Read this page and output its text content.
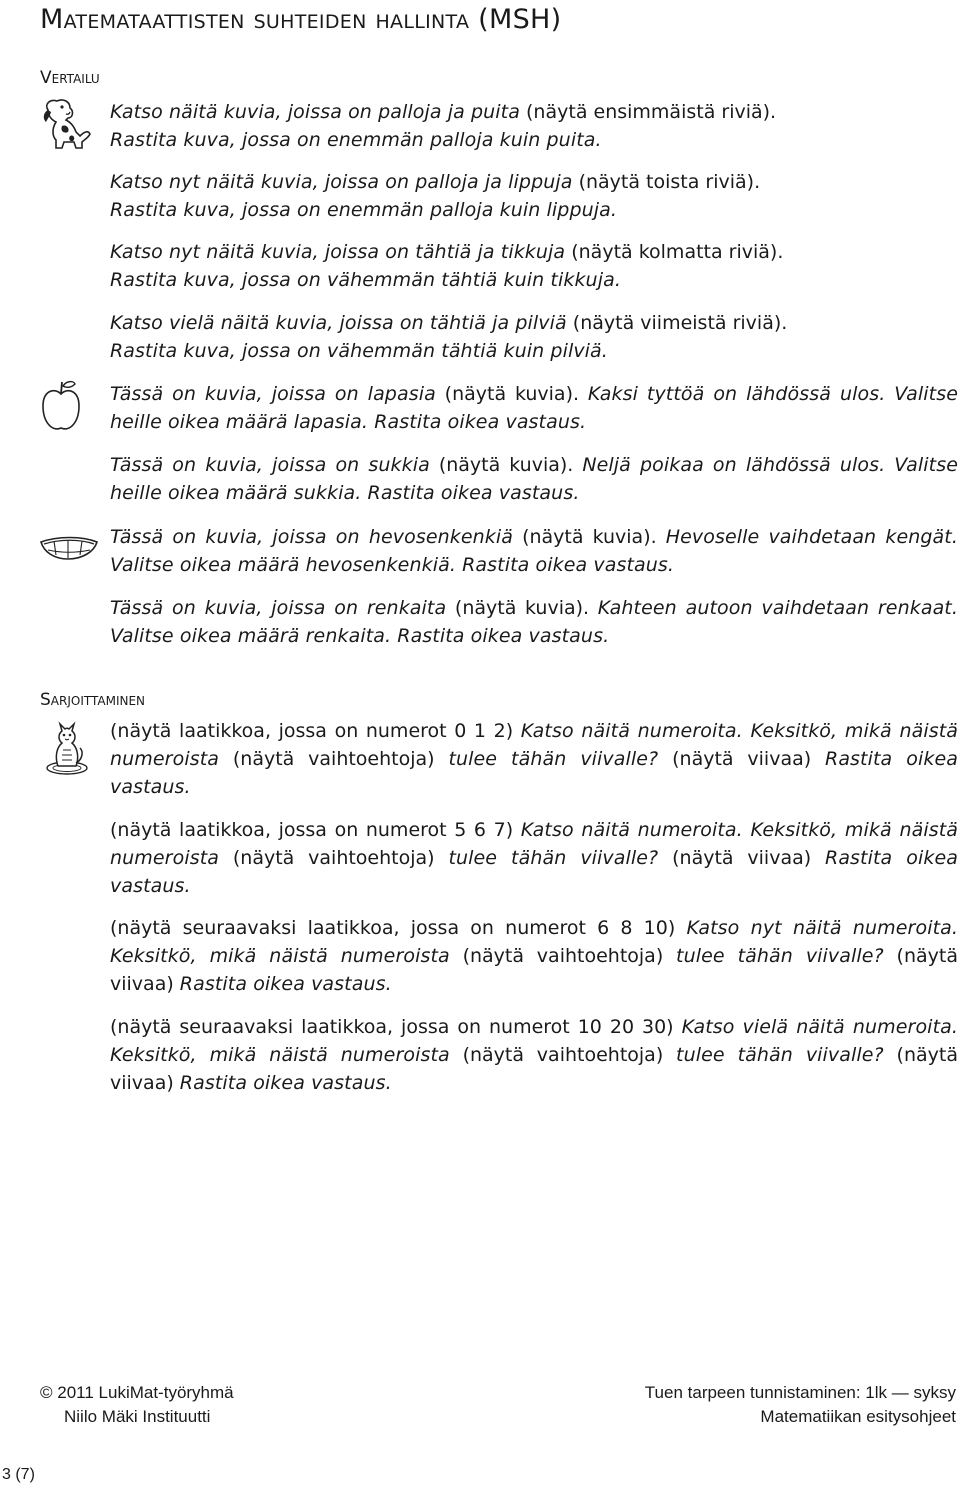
Matemataattisten suhteiden hallinta (MSH)
Vertailu

Katso näitä kuvia, joissa on palloja ja puita (näytä ensimmäistä riviä).
Rastita kuva, jossa on enemmän palloja kuin puita.

Katso nyt näitä kuvia, joissa on palloja ja lippuja (näytä toista riviä).
Rastita kuva, jossa on enemmän palloja kuin lippuja.

Katso nyt näitä kuvia, joissa on tähtiä ja tikkuja (näytä kolmatta riviä).
Rastita kuva, jossa on vähemmän tähtiä kuin tikkuja.

Katso vielä näitä kuvia, joissa on tähtiä ja pilviä (näytä viimeistä riviä).
Rastita kuva, jossa on vähemmän tähtiä kuin pilviä.

Tässä on kuvia, joissa on lapasia (näytä kuvia). Kaksi tyttöä on lähdössä ulos. Valitse heille oikea määrä lapasia. Rastita oikea vastaus.

Tässä on kuvia, joissa on sukkia (näytä kuvia). Neljä poikaa on lähdössä ulos. Valitse heille oikea määrä sukkia. Rastita oikea vastaus.

Tässä on kuvia, joissa on hevosenkenkiä (näytä kuvia). Hevoselle vaihdetaan kengät. Valitse oikea määrä hevosenkenkiä. Rastita oikea vastaus.

Tässä on kuvia, joissa on renkaita (näytä kuvia). Kahteen autoon vaihdetaan renkaat. Valitse oikea määrä renkaita. Rastita oikea vastaus.

Sarjoittaminen

(näytä laatikkoa, jossa on numerot 0 1 2) Katso näitä numeroita. Keksitkö, mikä näistä numeroista (näytä vaihtoehtoja) tulee tähän viivalle? (näytä viivaa) Rastita oikea vastaus.

(näytä laatikkoa, jossa on numerot 5 6 7) Katso näitä numeroita. Keksitkö, mikä näistä numeroista (näytä vaihtoehtoja) tulee tähän viivalle? (näytä viivaa) Rastita oikea vastaus.

(näytä seuraavaksi laatikkoa, jossa on numerot 6 8 10) Katso nyt näitä numeroita. Keksitkö, mikä näistä numeroista (näytä vaihtoehtoja) tulee tähän viivalle? (näytä viivaa) Rastita oikea vastaus.

(näytä seuraavaksi laatikkoa, jossa on numerot 10 20 30) Katso vielä näitä numeroita. Keksitkö, mikä näistä numeroista (näytä vaihtoehtoja) tulee tähän viivalle? (näytä viivaa) Rastita oikea vastaus.

© 2011 LukiMat-työryhmä
Niilo Mäki Instituutti
Tuen tarpeen tunnistaminen: 1lk — syksy
Matematiikan esitysohjeet
3 (7)
